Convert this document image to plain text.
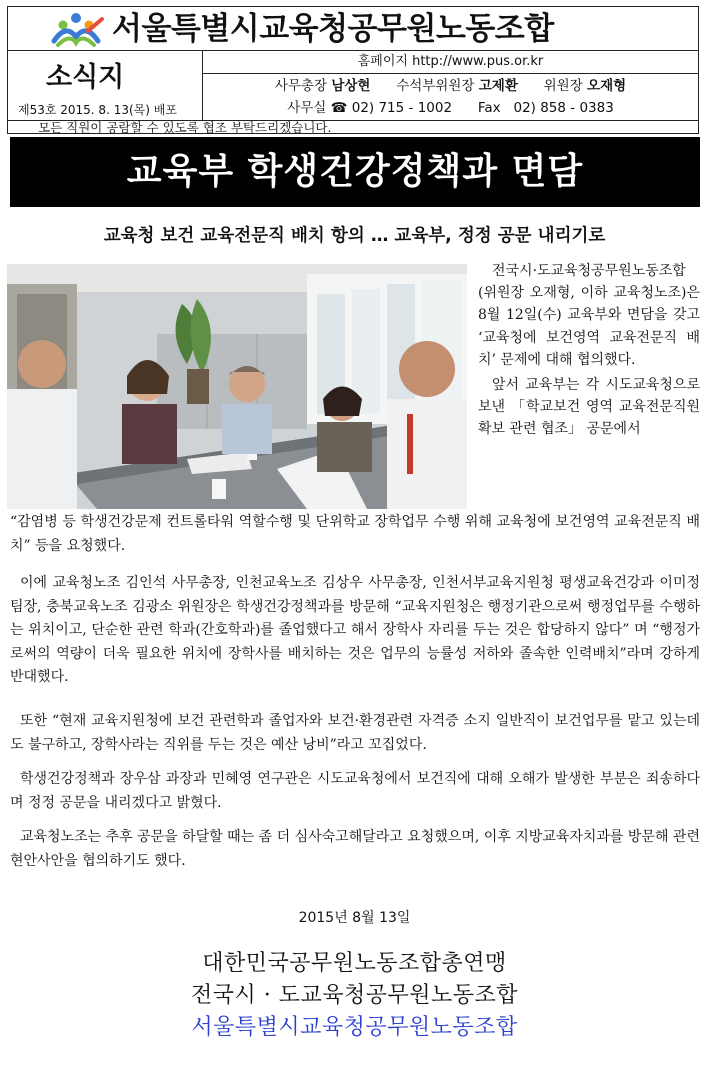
서울특별시교육청공무원노동조합
소식지
제53호 2015. 8. 13(목) 배포
홈페이지 http://www.pus.or.kr
사무총장 남상현 수석부위원장 고제환 위원장 오재형
사무실 ☎ 02) 715 - 1002 Fax 02) 858 - 0383
모든 직원이 공람할 수 있도록 협조 부탁드리겠습니다.
교육부 학생건강정책과 면담
교육청 보건 교육전문직 배치 항의 … 교육부, 정정 공문 내리기로

전국시·도교육청공무원노동조합(위원장 오재형, 이하 교육청노조)은 8월 12일(수) 교육부와 면담을 갖고 ‘교육청에 보건영역 교육전문직 배치’ 문제에 대해 협의했다.

앞서 교육부는 각 시도교육청으로 보낸 「학교보건 영역 교육전문직원 확보 관련 협조」 공문에서

“감염병 등 학생건강문제 컨트롤타워 역할수행 및 단위학교 장학업무 수행 위해 교육청에 보건영역 교육전문직 배치” 등을 요청했다.

이에 교육청노조 김인석 사무총장, 인천교육노조 김상우 사무총장, 인천서부교육지원청 평생교육건강과 이미정 팀장, 충북교육노조 김광소 위원장은 학생건강정책과를 방문해 “교육지원청은 행정기관으로써 행정업무를 수행하는 위치이고, 단순한 관련 학과(간호학과)를 졸업했다고 해서 장학사 자리를 두는 것은 합당하지 않다” 며 “행정가로써의 역량이 더욱 필요한 위치에 장학사를 배치하는 것은 업무의 능률성 저하와 졸속한 인력배치”라며 강하게 반대했다.

또한 “현재 교육지원청에 보건 관련학과 졸업자와 보건·환경관련 자격증 소지 일반직이 보건업무를 맡고 있는데도 불구하고, 장학사라는 직위를 두는 것은 예산 낭비”라고 꼬집었다.

학생건강정책과 장우삼 과장과 민혜영 연구관은 시도교육청에서 보건직에 대해 오해가 발생한 부분은 죄송하다며 정정 공문을 내리겠다고 밝혔다.

교육청노조는 추후 공문을 하달할 때는 좀 더 심사숙고해달라고 요청했으며, 이후 지방교육자치과를 방문해 관련 현안사안을 협의하기도 했다.

2015년 8월 13일
대한민국공무원노동조합총연맹
전국시 · 도교육청공무원노동조합
서울특별시교육청공무원노동조합
